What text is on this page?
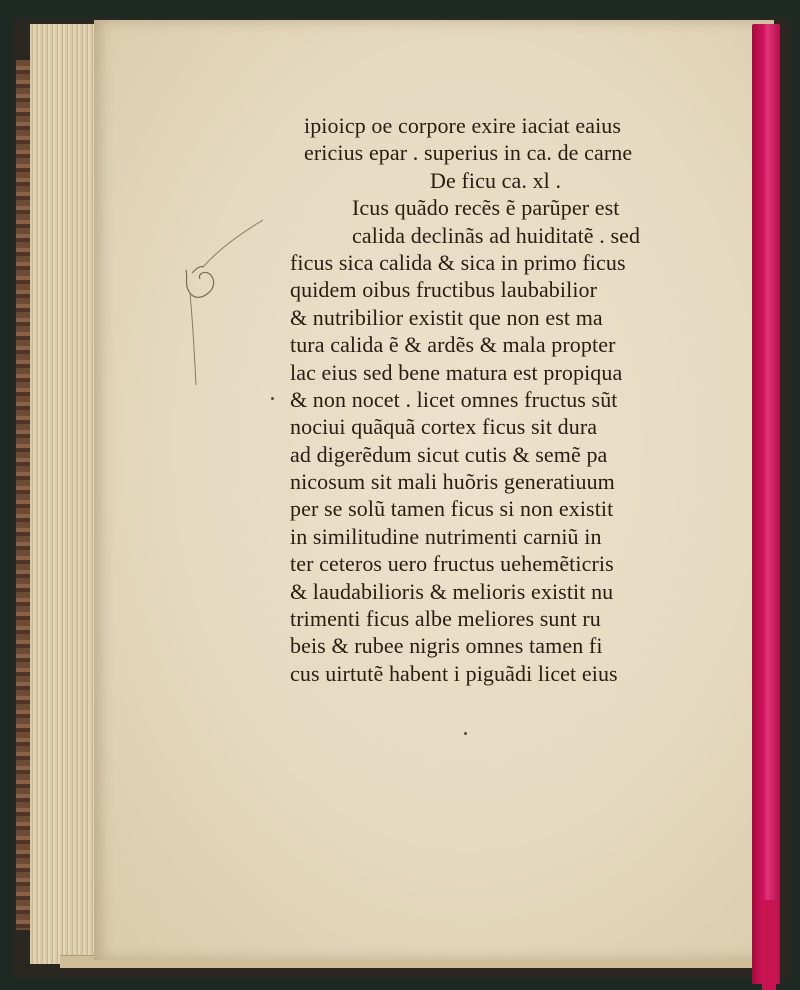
ipioicp oe corpore exire iaciat eaius
ericius epar . superius in ca. de carne
De ficu ca. xl .
Icus quãdo recẽs ẽ parũper est
calida declinãs ad huiditatẽ . sed
ficus sica calida & sica in primo ficus
quidem oibus fructibus laubabilior
& nutribilior existit que non est ma
tura calida ẽ & ardẽs & mala propter
lac eius sed bene matura est propiqua
& non nocet . licet omnes fructus sũt
nociui quãquã cortex ficus sit dura
ad digerẽdum sicut cutis & semẽ pa
nicosum sit mali huõris generatiuum
per se solũ tamen ficus si non existit
in similitudine nutrimenti carniũ in
ter ceteros uero fructus uehemẽticris
& laudabilioris & melioris existit nu
trimenti ficus albe meliores sunt ru
beis & rubee nigris omnes tamen fi
cus uirtutẽ habent i piguãdi licet eius
